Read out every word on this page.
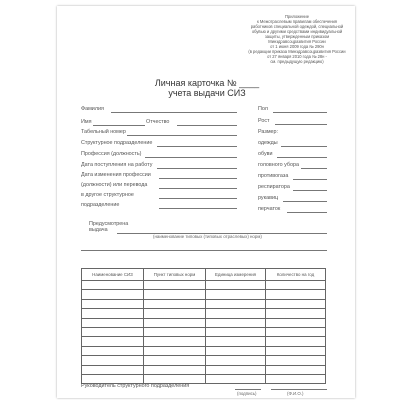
Приложение
к Межотраслевым правилам обеспечения
работников специальной одеждой, специальной
обувью и другими средствами индивидуальной
защиты, утвержденным приказом
Минздравсоцразвития России
от 1 июня 2009 года № 290н
(в редакции приказа Минздравсоцразвития России
от 27 января 2010 года № 28н -
см. предыдущую редакцию)
Личная карточка № ____
учета выдачи СИЗ
Фамилия
Имя	Отчество
Табельный номер
Структурное подразделение
Профессия (должность)
Дата поступления на работу
Дата изменения профессии
(должности) или перевода
в другое структурное
подразделение
Пол
Рост
Размер:
одежды
обуви
головного убора
противогаза
респиратора
рукавиц
перчаток
Предусмотрена
выдача
(наименование типовых (типовых отраслевых) норм)
Наименование СИЗ	Пункт типовых норм	Единица измерения	Количество на год

Руководитель структурного подразделения
(подпись)	(Ф.И.О.)
